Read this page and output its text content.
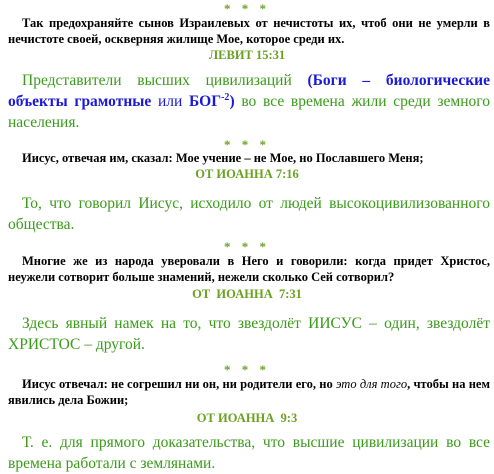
* * *
Так предохраняйте сынов Израилевых от нечистоты их, чтоб они не умерли в нечистоте своей, оскверняя жилище Мое, которое среди их.
ЛЕВИТ 15:31
Представители высших цивилизаций (Боги – биологические объекты грамотные или $БОГ^{-2}$) во все времена жили среди земного населения.
* * *
Иисус, отвечая им, сказал: Мое учение – не Мое, но Пославшего Меня;
ОТ ИОАННА 7:16
То, что говорил Иисус, исходило от людей высокоцивилизованного общества.
* * *
Многие же из народа уверовали в Него и говорили: когда придет Христос, неужели сотворит больше знамений, нежели сколько Сей сотворил?
ОТ  ИОАННА  7:31
Здесь явный намек на то, что звездолёт ИИСУС – один, звездолёт ХРИСТОС – другой.
* * *
Иисус отвечал: не согрешил ни он, ни родители его, но это для того, чтобы на нем явились дела Божии;
ОТ ИОАННА  9:3
Т. е. для прямого доказательства, что высшие цивилизации во все времена работали с землянами.
